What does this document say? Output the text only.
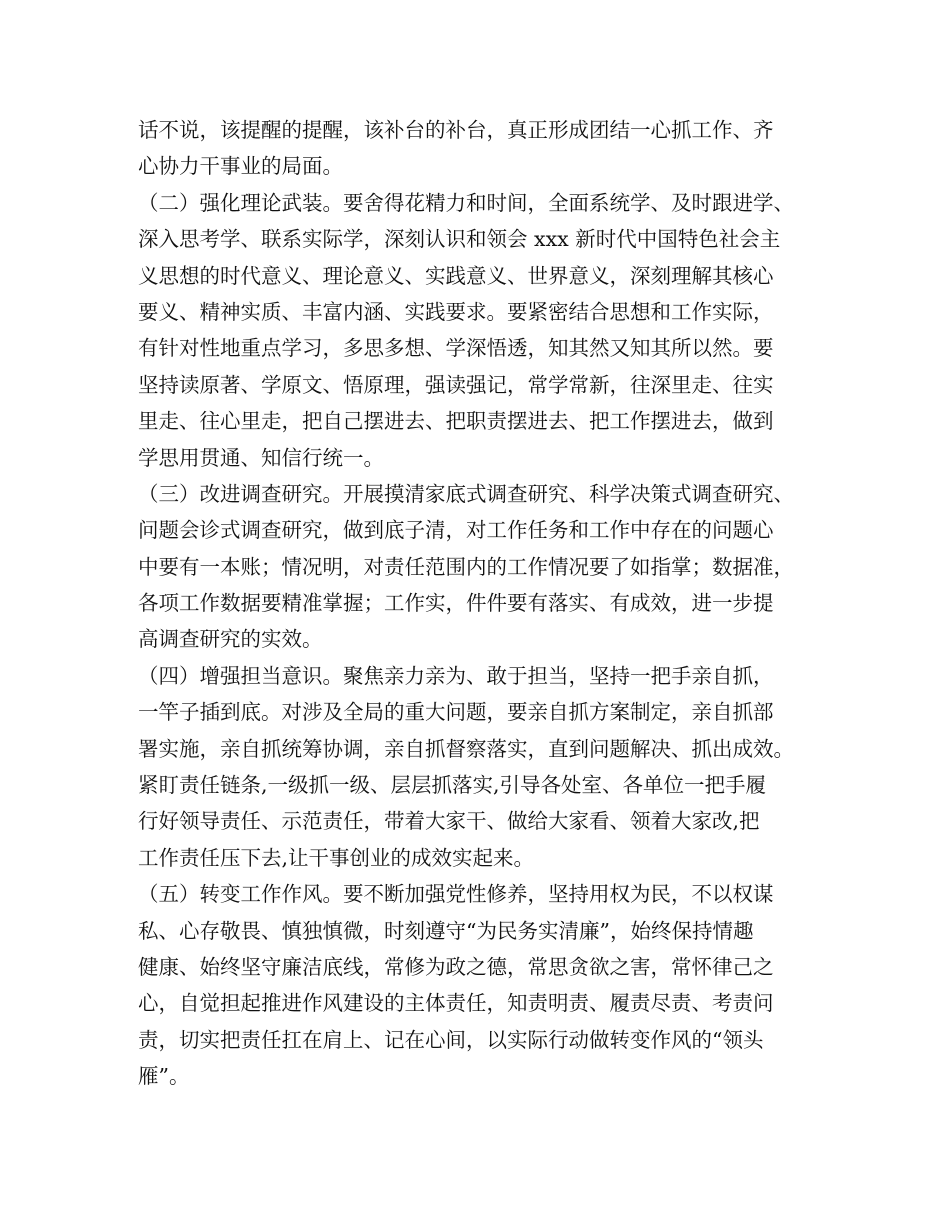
话不说，该提醒的提醒，该补台的补台，真正形成团结一心抓工作、齐
心协力干事业的局面。
（二）强化理论武装。要舍得花精力和时间，全面系统学、及时跟进学、
深入思考学、联系实际学，深刻认识和领会 xxx 新时代中国特色社会主
义思想的时代意义、理论意义、实践意义、世界意义，深刻理解其核心
要义、精神实质、丰富内涵、实践要求。要紧密结合思想和工作实际，
有针对性地重点学习，多思多想、学深悟透，知其然又知其所以然。要
坚持读原著、学原文、悟原理，强读强记，常学常新，往深里走、往实
里走、往心里走，把自己摆进去、把职责摆进去、把工作摆进去，做到
学思用贯通、知信行统一。
（三）改进调查研究。开展摸清家底式调查研究、科学决策式调查研究、
问题会诊式调查研究，做到底子清，对工作任务和工作中存在的问题心
中要有一本账；情况明，对责任范围内的工作情况要了如指掌；数据准，
各项工作数据要精准掌握；工作实，件件要有落实、有成效，进一步提
高调查研究的实效。
（四）增强担当意识。聚焦亲力亲为、敢于担当，坚持一把手亲自抓，
一竿子插到底。对涉及全局的重大问题，要亲自抓方案制定，亲自抓部
署实施，亲自抓统筹协调，亲自抓督察落实，直到问题解决、抓出成效。
紧盯责任链条,一级抓一级、层层抓落实,引导各处室、各单位一把手履
行好领导责任、示范责任，带着大家干、做给大家看、领着大家改,把
工作责任压下去,让干事创业的成效实起来。
（五）转变工作作风。要不断加强党性修养，坚持用权为民，不以权谋
私、心存敬畏、慎独慎微，时刻遵守“为民务实清廉”，始终保持情趣
健康、始终坚守廉洁底线，常修为政之德，常思贪欲之害，常怀律己之
心，自觉担起推进作风建设的主体责任，知责明责、履责尽责、考责问
责，切实把责任扛在肩上、记在心间，以实际行动做转变作风的“领头
雁”。
